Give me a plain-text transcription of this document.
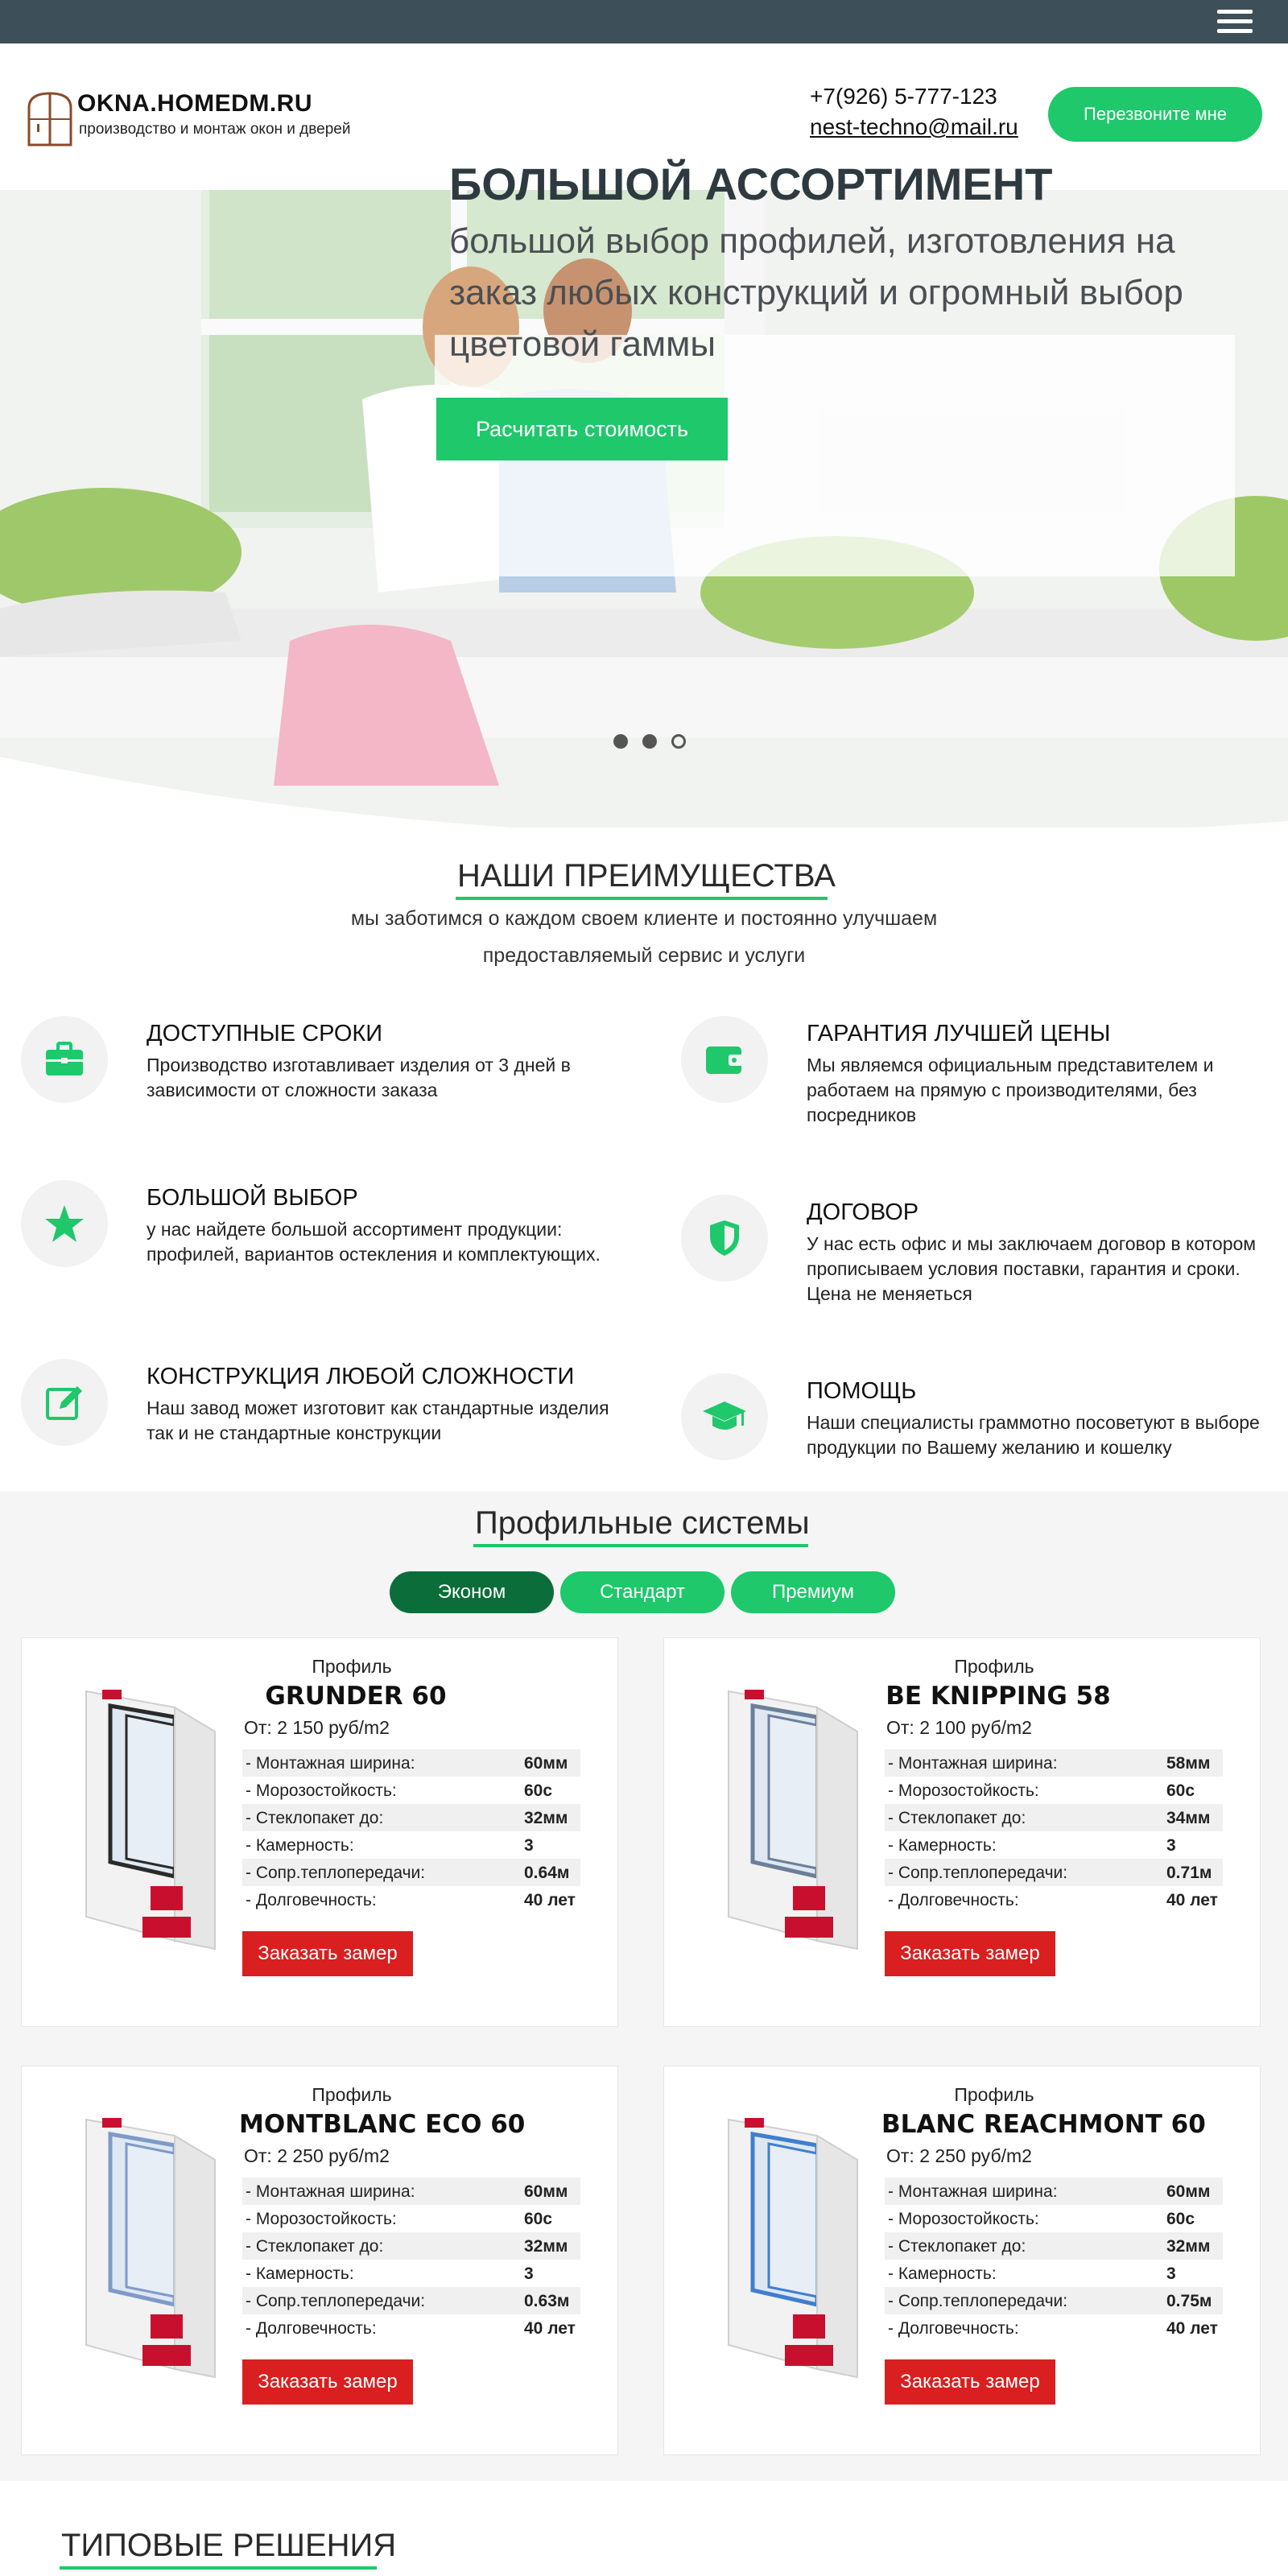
OKNA.HOMEDM.RU
производство и монтаж окон и дверей
+7(926) 5-777-123
nest-techno@mail.ru
Перезвоните мне
БОЛЬШОЙ АССОРТИМЕНТ
большой выбор профилей, изготовления на заказ любых конструкций и огромный выбор цветовой гаммы
Расчитать стоимость
НАШИ ПРЕИМУЩЕСТВА
мы заботимся о каждом своем клиенте и постоянно улучшаем
предоставляемый сервис и услуги
ДОСТУПНЫЕ СРОКИ
Производство изготавливает изделия от 3 дней в зависимости от сложности заказа
ГАРАНТИЯ ЛУЧШЕЙ ЦЕНЫ
Мы являемся официальным представителем и работаем на прямую с производителями, без посредников
БОЛЬШОЙ ВЫБОР
у нас найдете большой ассортимент продукции: профилей, вариантов остекления и комплектующих.
ДОГОВОР
У нас есть офис и мы заключаем договор в котором прописываем условия поставки, гарантия и сроки. Цена не меняеться
КОНСТРУКЦИЯ ЛЮБОЙ СЛОЖНОСТИ
Наш завод может изготовит как стандартные изделия так и не стандартные конструкции
ПОМОЩЬ
Наши специалисты граммотно посоветуют в выборе продукции по Вашему желанию и кошелку
Профильные системы
Эконом	Стандарт	Премиум
Профиль
GRUNDER 60
От: 2 150 руб/m2
- Монтажная ширина:	60мм
- Морозостойкость:	60с
- Стеклопакет до:	32мм
- Камерность:	3
- Сопр.теплопередачи:	0.64м
- Долговечность:	40 лет
Заказать замер
Профиль
BE KNIPPING 58
От: 2 100 руб/m2
- Монтажная ширина:	58мм
- Морозостойкость:	60с
- Стеклопакет до:	34мм
- Камерность:	3
- Сопр.теплопередачи:	0.71м
- Долговечность:	40 лет
Заказать замер
Профиль
MONTBLANC ECO 60
От: 2 250 руб/m2
- Монтажная ширина:	60мм
- Морозостойкость:	60с
- Стеклопакет до:	32мм
- Камерность:	3
- Сопр.теплопередачи:	0.63м
- Долговечность:	40 лет
Заказать замер
Профиль
BLANC REACHMONT 60
От: 2 250 руб/m2
- Монтажная ширина:	60мм
- Морозостойкость:	60с
- Стеклопакет до:	32мм
- Камерность:	3
- Сопр.теплопередачи:	0.75м
- Долговечность:	40 лет
Заказать замер
ТИПОВЫЕ РЕШЕНИЯ
